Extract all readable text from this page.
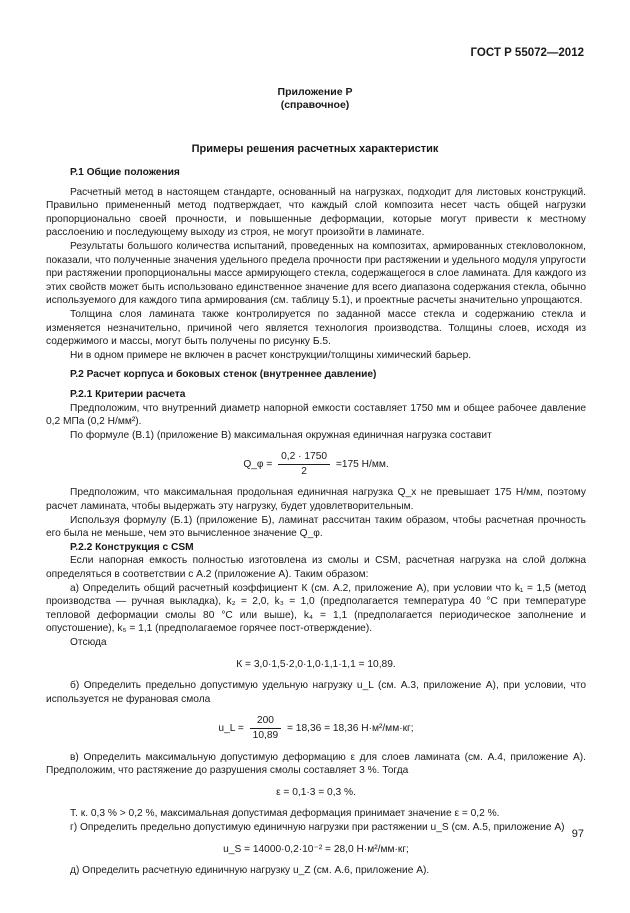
ГОСТ Р 55072—2012
Приложение Р
(справочное)
Примеры решения расчетных характеристик

Р.1 Общие положения

Расчетный метод в настоящем стандарте, основанный на нагрузках, подходит для листовых конструкций. Правильно примененный метод подтверждает, что каждый слой композита несет часть общей нагрузки пропорционально своей прочности, и повышенные деформации, которые могут привести к местному расслоению и последующему выходу из строя, не могут произойти в ламинате.

Результаты большого количества испытаний, проведенных на композитах, армированных стекловолокном, показали, что полученные значения удельного предела прочности при растяжении и удельного модуля упругости при растяжении пропорциональны массе армирующего стекла, содержащегося в слое ламината. Для каждого из этих свойств может быть использовано единственное значение для всего диапазона содержания стекла, обычно используемого для каждого типа армирования (см. таблицу 5.1), и проектные расчеты значительно упрощаются.

Толщина слоя ламината также контролируется по заданной массе стекла и содержанию стекла и изменяется незначительно, причиной чего является технология производства. Толщины слоев, исходя из содержимого и массы, могут быть получены по рисунку Б.5.

Ни в одном примере не включен в расчет конструкции/толщины химический барьер.

Р.2 Расчет корпуса и боковых стенок (внутреннее давление)

Р.2.1 Критерии расчета

Предположим, что внутренний диаметр напорной емкости составляет 1750 мм и общее рабочее давление 0,2 МПа (0,2 Н/мм²).

По формуле (В.1) (приложение В) максимальная окружная единичная нагрузка составит

Q_φ = $\frac{0,2 \cdot 1750}{2} =175$ Н/мм.

Предположим, что максимальная продольная единичная нагрузка Q_x не превышает 175 Н/мм, поэтому расчет ламината, чтобы выдержать эту нагрузку, будет удовлетворительным.

Используя формулу (Б.1) (приложение Б), ламинат рассчитан таким образом, чтобы расчетная прочность его была не меньше, чем это вычисленное значение Q_φ.

Р.2.2 Конструкция с CSM

Если напорная емкость полностью изготовлена из смолы и CSM, расчетная нагрузка на слой должна определяться в соответствии с А.2 (приложение А). Таким образом:

а) Определить общий расчетный коэффициент К (см. А.2, приложение А), при условии что k₁ = 1,5 (метод производства — ручная выкладка), k₂ = 2,0, k₃ = 1,0 (предполагается температура 40 °С при температуре тепловой деформации смолы 80 °С или выше), k₄ = 1,1 (предполагается периодическое заполнение и опустошение), k₅ = 1,1 (предполагаемое горячее пост-отверждение).

Отсюда

К = 3,0·1,5·2,0·1,0·1,1·1,1 = 10,89.

б) Определить предельно допустимую удельную нагрузку u_L (см. А.3, приложение А), при условии, что используется не фурановая смола

u_L = $\frac{200}{10,89} = 18,36 = 18,36$ Н·м²/мм·кг;

в) Определить максимальную допустимую деформацию ε для слоев ламината (см. А.4, приложение А). Предположим, что растяжение до разрушения смолы составляет 3 %. Тогда

ε = 0,1·3 = 0,3 %.

Т. к. 0,3 % > 0,2 %, максимальная допустимая деформация принимает значение ε = 0,2 %.

г) Определить предельно допустимую единичную нагрузки при растяжении u_S (см. А.5, приложение А)

u_S = 14000·0,2·10⁻² = 28,0 Н·м²/мм·кг;

д) Определить расчетную единичную нагрузку u_Z (см. А.6, приложение А).

97
